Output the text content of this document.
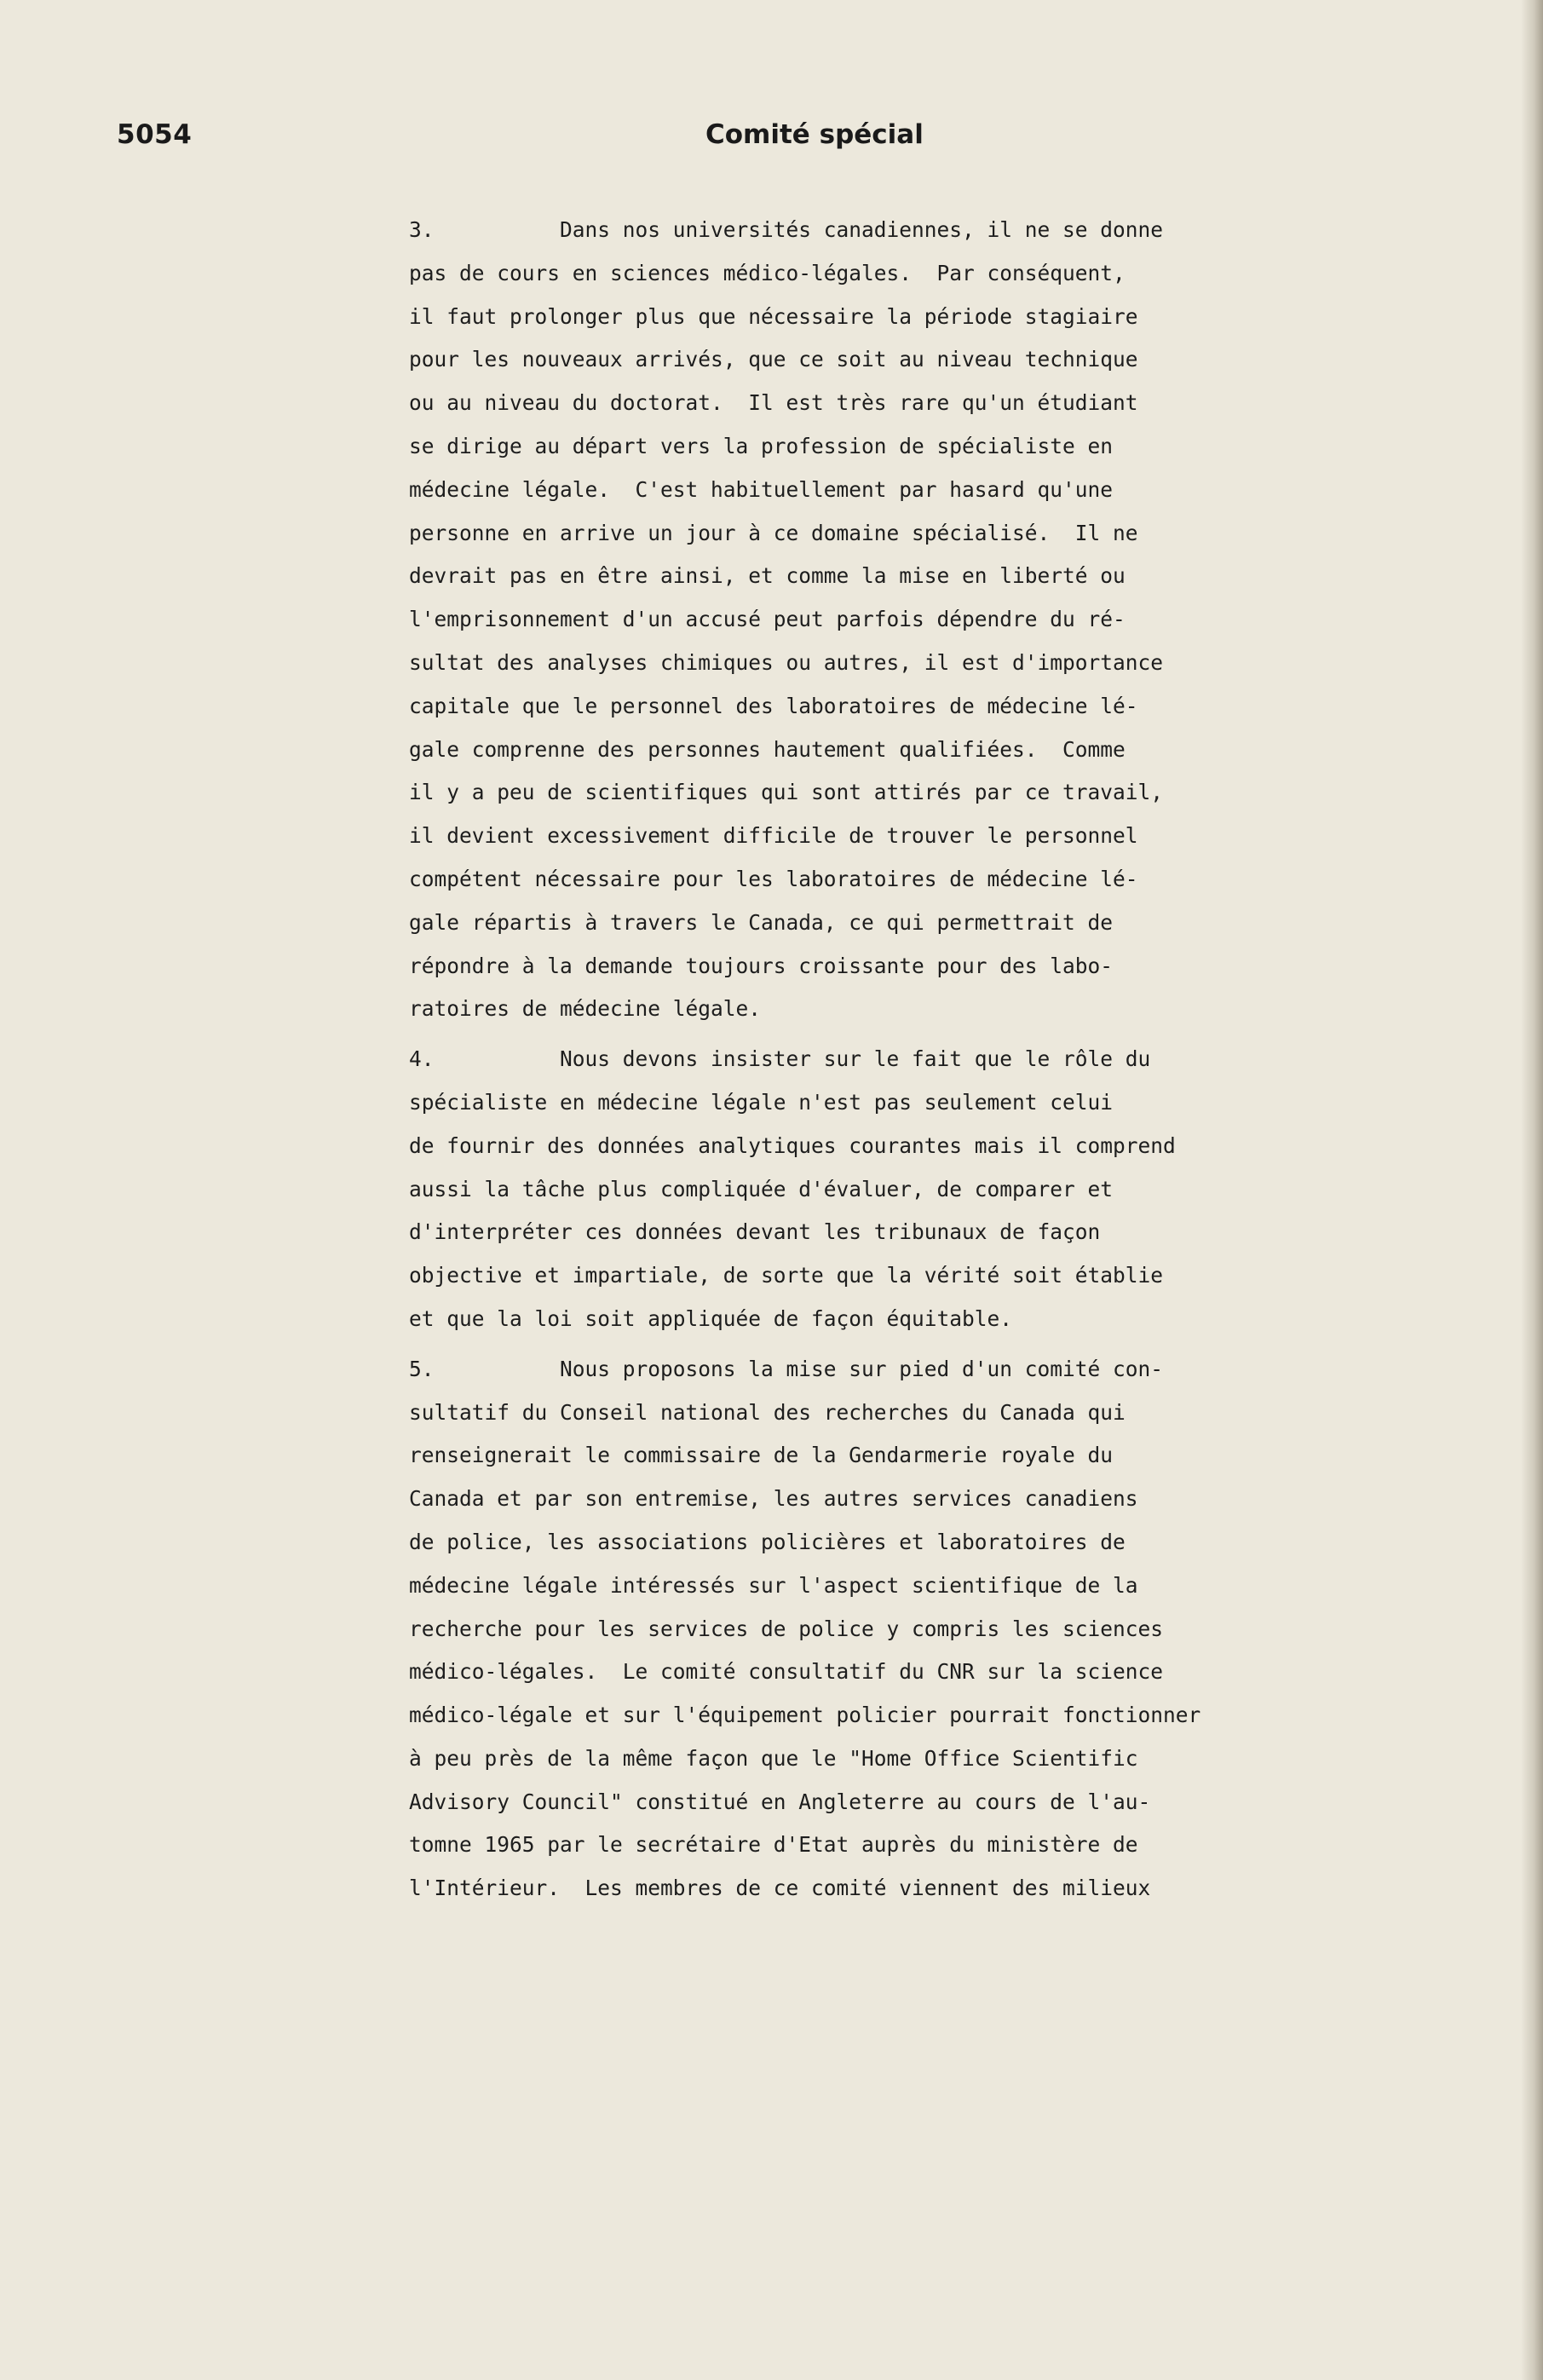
5054	Comité spécial
3.          Dans nos universités canadiennes, il ne se donne
pas de cours en sciences médico-légales.  Par conséquent,
il faut prolonger plus que nécessaire la période stagiaire
pour les nouveaux arrivés, que ce soit au niveau technique
ou au niveau du doctorat.  Il est très rare qu'un étudiant
se dirige au départ vers la profession de spécialiste en
médecine légale.  C'est habituellement par hasard qu'une
personne en arrive un jour à ce domaine spécialisé.  Il ne
devrait pas en être ainsi, et comme la mise en liberté ou
l'emprisonnement d'un accusé peut parfois dépendre du ré-
sultat des analyses chimiques ou autres, il est d'importance
capitale que le personnel des laboratoires de médecine lé-
gale comprenne des personnes hautement qualifiées.  Comme
il y a peu de scientifiques qui sont attirés par ce travail,
il devient excessivement difficile de trouver le personnel
compétent nécessaire pour les laboratoires de médecine lé-
gale répartis à travers le Canada, ce qui permettrait de
répondre à la demande toujours croissante pour des labo-
ratoires de médecine légale.
4.          Nous devons insister sur le fait que le rôle du
spécialiste en médecine légale n'est pas seulement celui
de fournir des données analytiques courantes mais il comprend
aussi la tâche plus compliquée d'évaluer, de comparer et
d'interpréter ces données devant les tribunaux de façon
objective et impartiale, de sorte que la vérité soit établie
et que la loi soit appliquée de façon équitable.
5.          Nous proposons la mise sur pied d'un comité con-
sultatif du Conseil national des recherches du Canada qui
renseignerait le commissaire de la Gendarmerie royale du
Canada et par son entremise, les autres services canadiens
de police, les associations policières et laboratoires de
médecine légale intéressés sur l'aspect scientifique de la
recherche pour les services de police y compris les sciences
médico-légales.  Le comité consultatif du CNR sur la science
médico-légale et sur l'équipement policier pourrait fonctionner
à peu près de la même façon que le "Home Office Scientific
Advisory Council" constitué en Angleterre au cours de l'au-
tomne 1965 par le secrétaire d'Etat auprès du ministère de
l'Intérieur.  Les membres de ce comité viennent des milieux
